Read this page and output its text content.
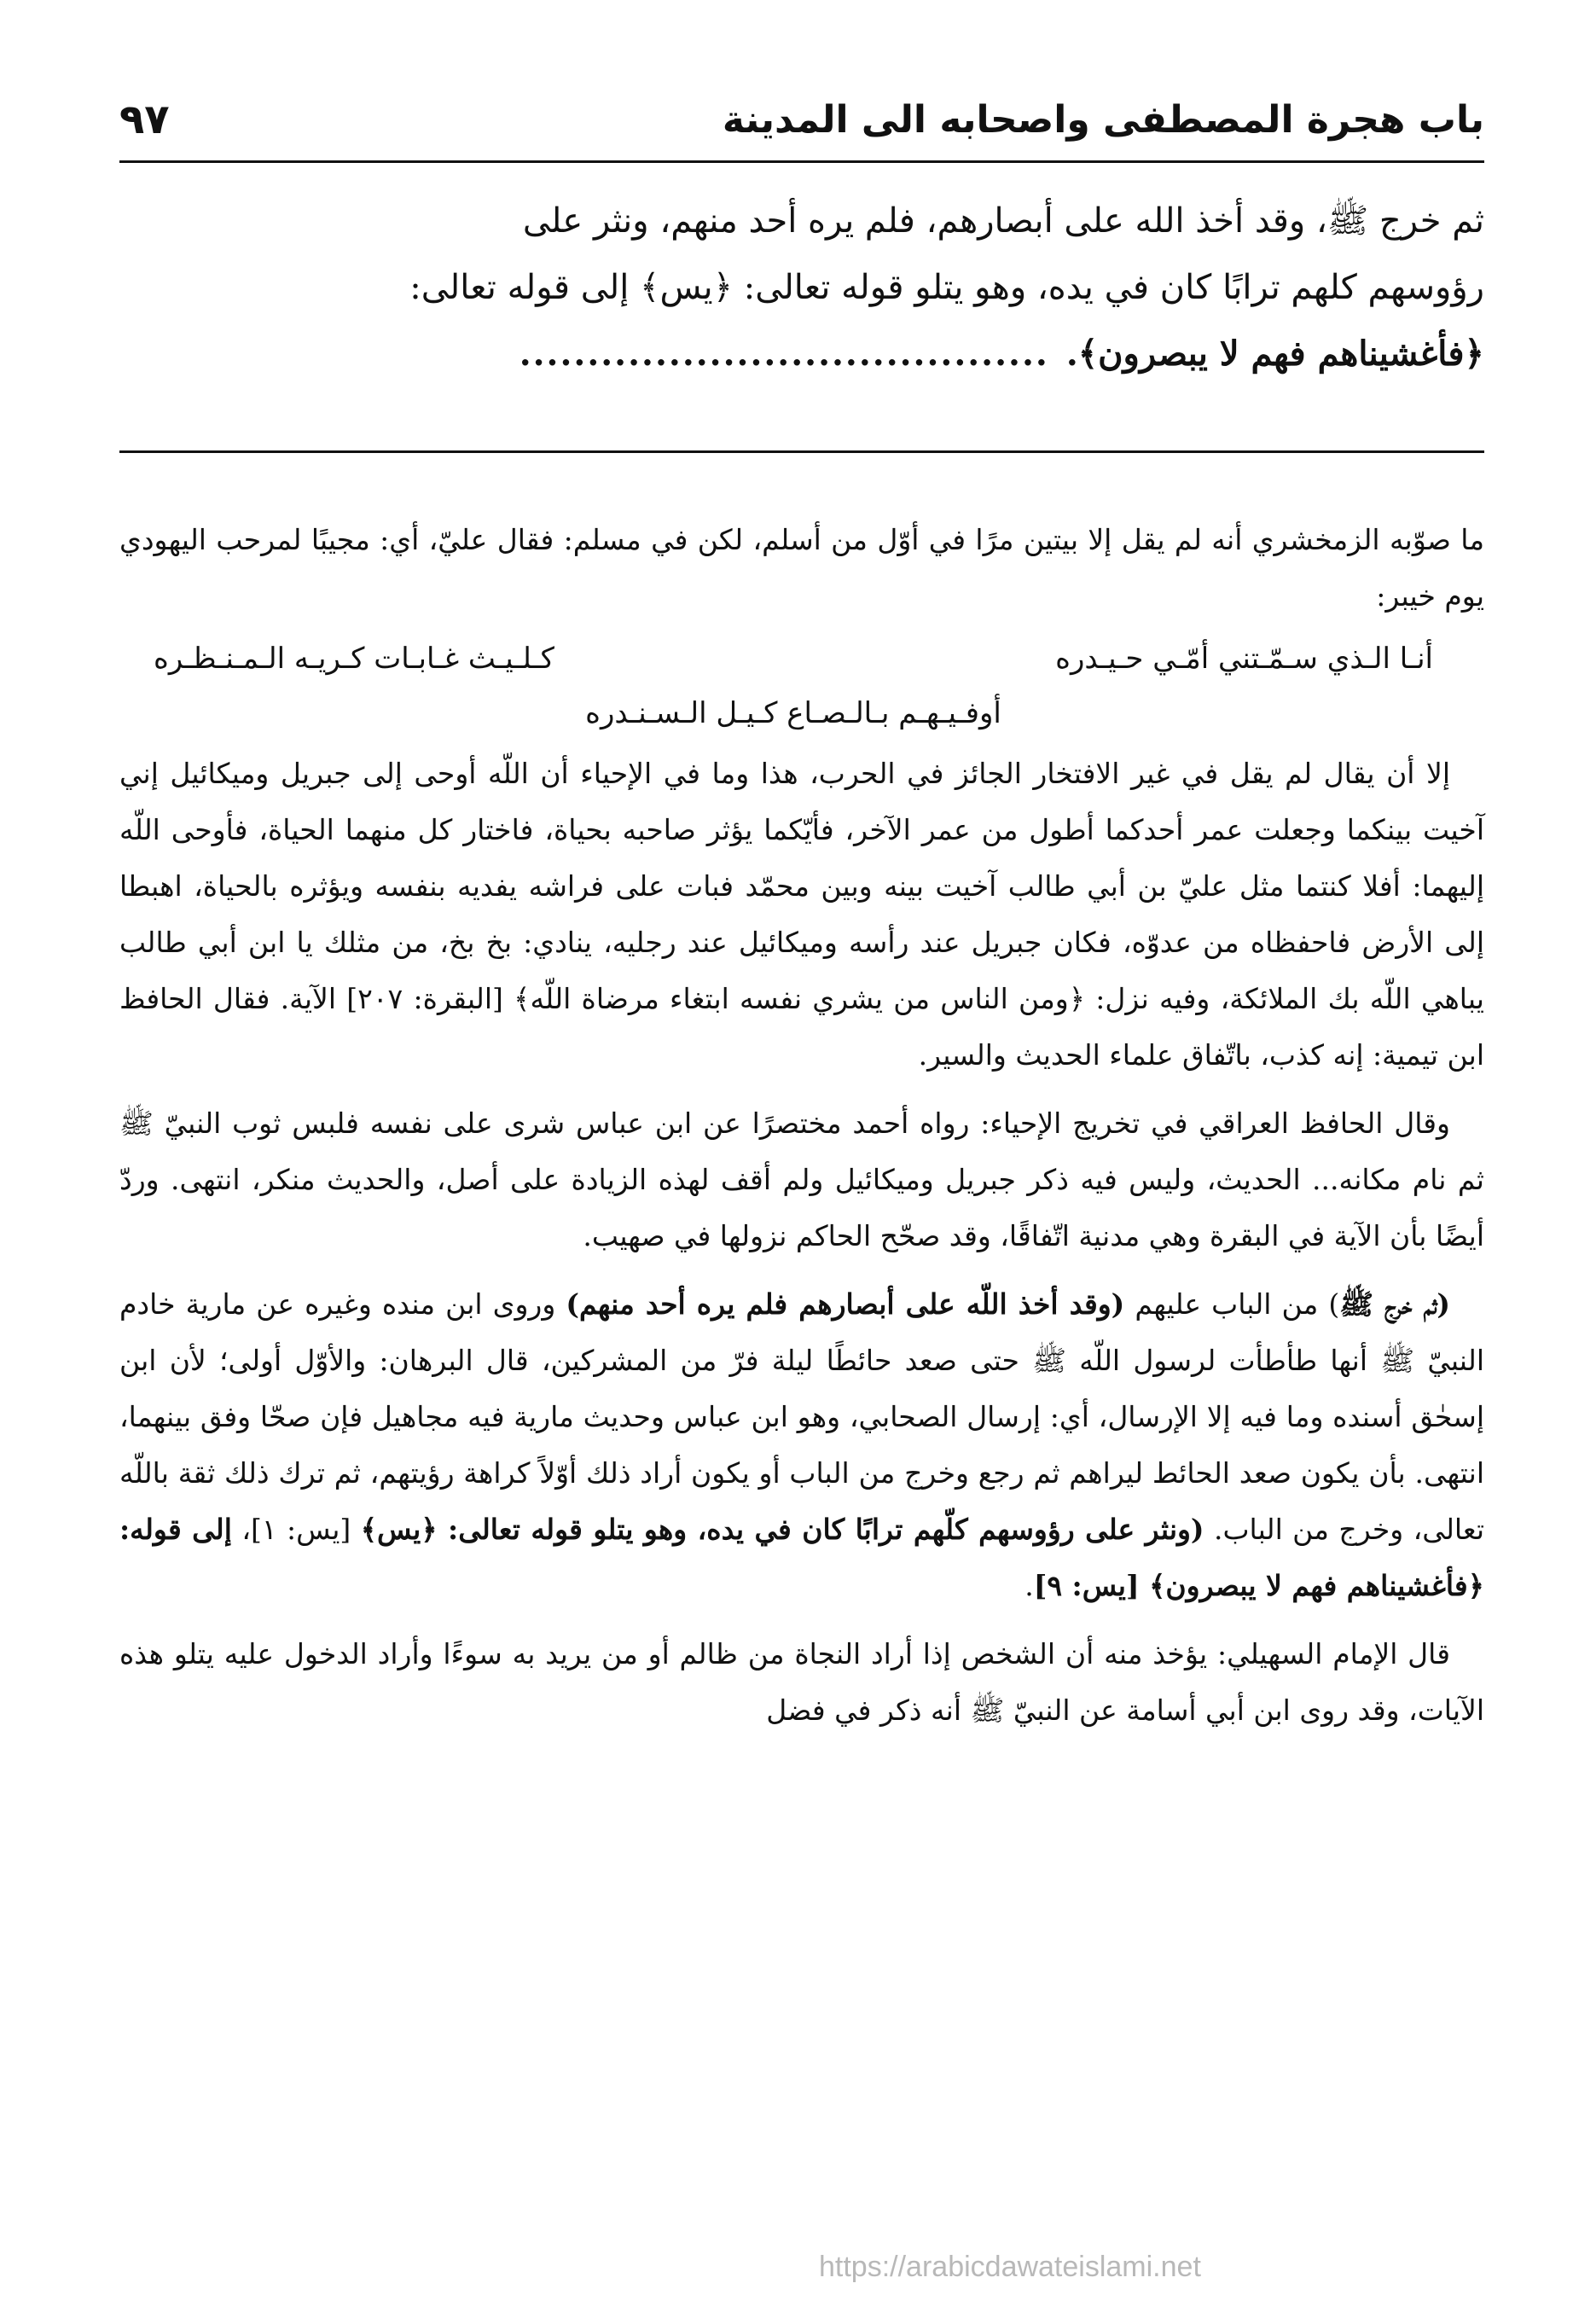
باب هجرة المصطفى واصحابه الى المدينة
٩٧

ثم خرج ﷺ، وقد أخذ الله على أبصارهم، فلم يره أحد منهم، ونثر على

رؤوسهم كلهم ترابًا كان في يده، وهو يتلو قوله تعالى: ﴿يس﴾ إلى قوله تعالى:

﴿فأغشيناهم فهم لا يبصرون﴾........................................

ما صوّبه الزمخشري أنه لم يقل إلا بيتين مرًا في أوّل من أسلم، لكن في مسلم: فقال عليّ، أي: مجيبًا لمرحب اليهودي يوم خيبر:

أنـا الـذي سـمّـتني أمّـي حـيـدره
كـلـيـث غـابـات كـريـه الـمـنـظـره
أوفـيـهـم بـالـصـاع كـيـل الـسـنـدره

إلا أن يقال لم يقل في غير الافتخار الجائز في الحرب، هذا وما في الإحياء أن اللّه أوحى إلى جبريل وميكائيل إني آخيت بينكما وجعلت عمر أحدكما أطول من عمر الآخر، فأيّكما يؤثر صاحبه بحياة، فاختار كل منهما الحياة، فأوحى اللّه إليهما: أفلا كنتما مثل عليّ بن أبي طالب آخيت بينه وبين محمّد فبات على فراشه يفديه بنفسه ويؤثره بالحياة، اهبطا إلى الأرض فاحفظاه من عدوّه، فكان جبريل عند رأسه وميكائيل عند رجليه، ينادي: بخ بخ، من مثلك يا ابن أبي طالب يباهي اللّه بك الملائكة، وفيه نزل: ﴿ومن الناس من يشري نفسه ابتغاء مرضاة اللّه﴾ [البقرة: ٢٠٧] الآية. فقال الحافظ ابن تيمية: إنه كذب، باتّفاق علماء الحديث والسير.

وقال الحافظ العراقي في تخريج الإحياء: رواه أحمد مختصرًا عن ابن عباس شرى على نفسه فلبس ثوب النبيّ ﷺ ثم نام مكانه... الحديث، وليس فيه ذكر جبريل وميكائيل ولم أقف لهذه الزيادة على أصل، والحديث منكر، انتهى. وردّ أيضًا بأن الآية في البقرة وهي مدنية اتّفاقًا، وقد صحّح الحاكم نزولها في صهيب.

(ثم خرج ﷺ) من الباب عليهم (وقد أخذ اللّه على أبصارهم فلم يره أحد منهم) وروى ابن منده وغيره عن مارية خادم النبيّ ﷺ أنها طأطأت لرسول اللّه ﷺ حتى صعد حائطًا ليلة فرّ من المشركين، قال البرهان: والأوّل أولى؛ لأن ابن إسحٰق أسنده وما فيه إلا الإرسال، أي: إرسال الصحابي، وهو ابن عباس وحديث مارية فيه مجاهيل فإن صحّا وفق بينهما، انتهى. بأن يكون صعد الحائط ليراهم ثم رجع وخرج من الباب أو يكون أراد ذلك أوّلاً كراهة رؤيتهم، ثم ترك ذلك ثقة باللّه تعالى، وخرج من الباب. (ونثر على رؤوسهم كلّهم ترابًا كان في يده، وهو يتلو قوله تعالى: ﴿يس﴾ [يس: ١]، إلى قوله: ﴿فأغشيناهم فهم لا يبصرون﴾ [يس: ٩].

قال الإمام السهيلي: يؤخذ منه أن الشخص إذا أراد النجاة من ظالم أو من يريد به سوءًا وأراد الدخول عليه يتلو هذه الآيات، وقد روى ابن أبي أسامة عن النبيّ ﷺ أنه ذكر في فضل

https://arabicdawateislami.net
